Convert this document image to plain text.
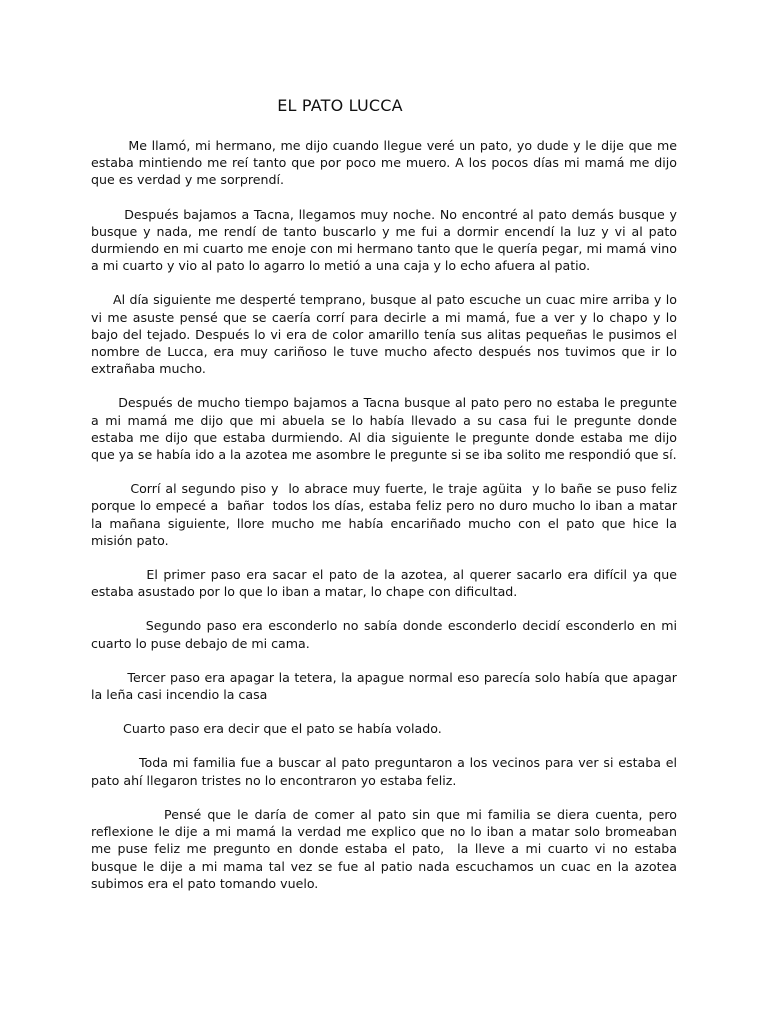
EL PATO LUCCA

Me llamó, mi hermano, me dijo cuando llegue veré un pato, yo dude y le dije que me estaba mintiendo me reí tanto que por poco me muero. A los pocos días mi mamá me dijo que es verdad y me sorprendí.

Después bajamos a Tacna, llegamos muy noche. No encontré al pato demás busque y busque y nada, me rendí de tanto buscarlo y me fui a dormir encendí la luz y vi al pato durmiendo en mi cuarto me enoje con mi hermano tanto que le quería pegar, mi mamá vino a mi cuarto y vio al pato lo agarro lo metió a una caja y lo echo afuera al patio.

Al día siguiente me desperté temprano, busque al pato escuche un cuac mire arriba y lo vi me asuste pensé que se caería corrí para decirle a mi mamá, fue a ver y lo chapo y lo bajo del tejado. Después lo vi era de color amarillo tenía sus alitas pequeñas le pusimos el nombre de Lucca, era muy cariñoso le tuve mucho afecto después nos tuvimos que ir lo extrañaba mucho.

Después de mucho tiempo bajamos a Tacna busque al pato pero no estaba le pregunte a mi mamá me dijo que mi abuela se lo había llevado a su casa fui le pregunte donde estaba me dijo que estaba durmiendo. Al dia siguiente le pregunte donde estaba me dijo que ya se había ido a la azotea me asombre le pregunte si se iba solito me respondió que sí.

Corrí al segundo piso y  lo abrace muy fuerte, le traje agüita  y lo bañe se puso feliz porque lo empecé a  bañar  todos los días, estaba feliz pero no duro mucho lo iban a matar la mañana siguiente, llore mucho me había encariñado mucho con el pato que hice la misión pato.

El primer paso era sacar el pato de la azotea, al querer sacarlo era difícil ya que estaba asustado por lo que lo iban a matar, lo chape con dificultad.

Segundo paso era esconderlo no sabía donde esconderlo decidí esconderlo en mi cuarto lo puse debajo de mi cama.

Tercer paso era apagar la tetera, la apague normal eso parecía solo había que apagar la leña casi incendio la casa

Cuarto paso era decir que el pato se había volado.

Toda mi familia fue a buscar al pato preguntaron a los vecinos para ver si estaba el pato ahí llegaron tristes no lo encontraron yo estaba feliz.

Pensé que le daría de comer al pato sin que mi familia se diera cuenta, pero reflexione le dije a mi mamá la verdad me explico que no lo iban a matar solo bromeaban me puse feliz me pregunto en donde estaba el pato,  la lleve a mi cuarto vi no estaba busque le dije a mi mama tal vez se fue al patio nada escuchamos un cuac en la azotea subimos era el pato tomando vuelo.
